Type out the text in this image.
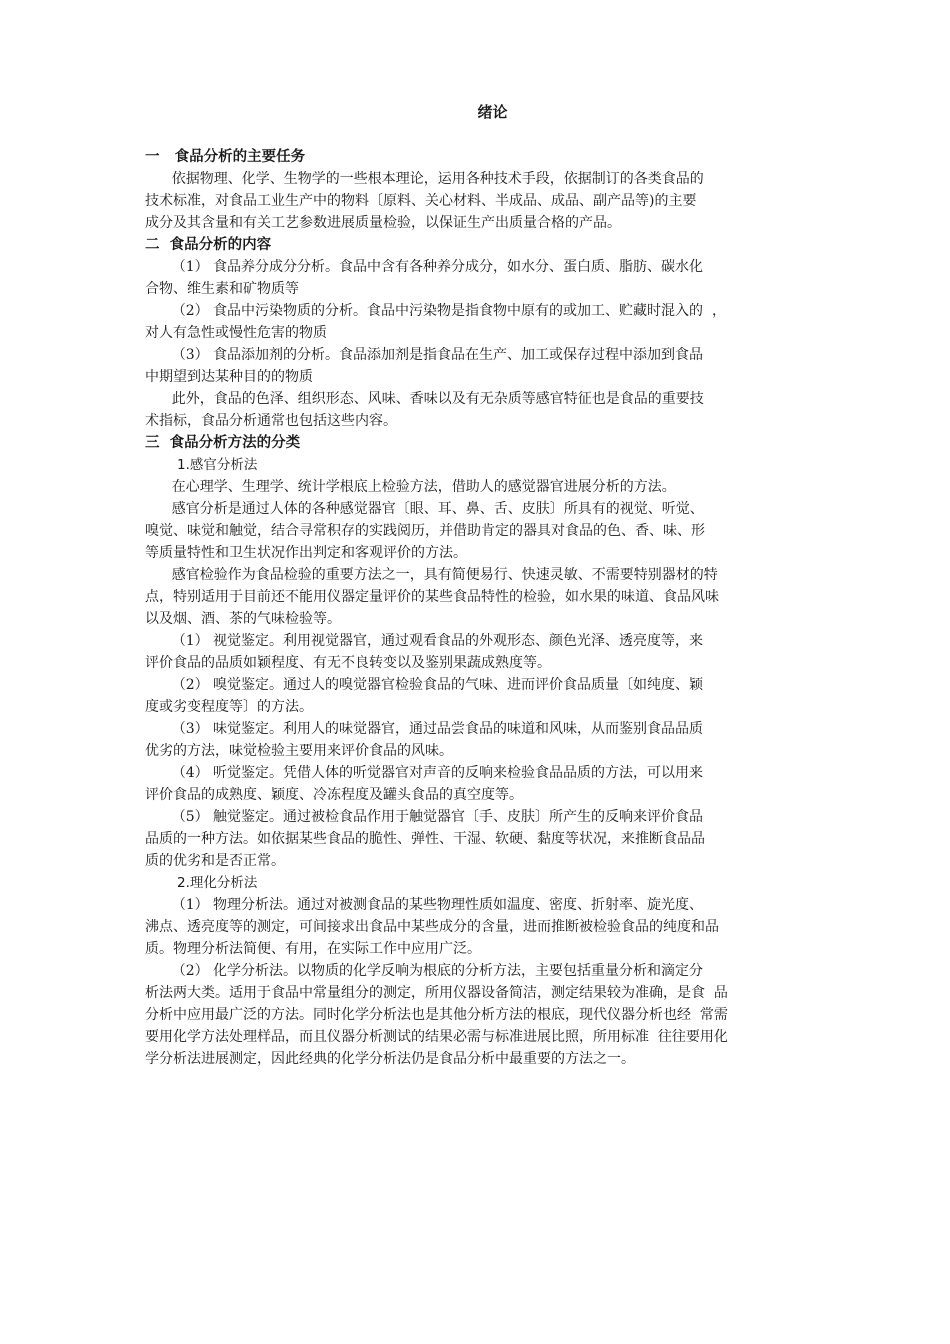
绪论
一   食品分析的主要任务
依据物理、化学、生物学的一些根本理论，运用各种技术手段，依据制订的各类食品的
技术标准，对食品工业生产中的物料〔原料、关心材料、半成品、成品、副产品等)的主要
成分及其含量和有关工艺参数进展质量检验，以保证生产出质量合格的产品。
二  食品分析的内容
（1） 食品养分成分分析。食品中含有各种养分成分，如水分、蛋白质、脂肪、碳水化
合物、维生素和矿物质等
（2） 食品中污染物质的分析。食品中污染物是指食物中原有的或加工、贮藏时混入的  ，
对人有急性或慢性危害的物质
（3） 食品添加剂的分析。食品添加剂是指食品在生产、加工或保存过程中添加到食品
中期望到达某种目的的物质
此外，食品的色泽、组织形态、风味、香味以及有无杂质等感官特征也是食品的重要技
术指标，食品分析通常也包括这些内容。
三  食品分析方法的分类
1.感官分析法
在心理学、生理学、统计学根底上检验方法，借助人的感觉器官进展分析的方法。
感官分析是通过人体的各种感觉器官〔眼、耳、鼻、舌、皮肤〕所具有的视觉、听觉、
嗅觉、味觉和触觉，结合寻常积存的实践阅历，并借助肯定的器具对食品的色、香、味、形
等质量特性和卫生状况作出判定和客观评价的方法。
感官检验作为食品检验的重要方法之一，具有简便易行、快速灵敏、不需要特别器材的特
点，特别适用于目前还不能用仪器定量评价的某些食品特性的检验，如水果的味道、食品风味
以及烟、酒、茶的气味检验等。
（1） 视觉鉴定。利用视觉器官，通过观看食品的外观形态、颜色光泽、透亮度等，来
评价食品的品质如颖程度、有无不良转变以及鉴别果蔬成熟度等。
（2） 嗅觉鉴定。通过人的嗅觉器官检验食品的气味、进而评价食品质量〔如纯度、颖
度或劣变程度等〕的方法。
（3） 味觉鉴定。利用人的味觉器官，通过品尝食品的味道和风味，从而鉴别食品品质
优劣的方法，味觉检验主要用来评价食品的风味。
（4） 听觉鉴定。凭借人体的听觉器官对声音的反响来检验食品品质的方法，可以用来
评价食品的成熟度、颖度、冷冻程度及罐头食品的真空度等。
（5） 触觉鉴定。通过被检食品作用于触觉器官〔手、皮肤〕所产生的反响来评价食品
品质的一种方法。如依据某些食品的脆性、弹性、干湿、软硬、黏度等状况，来推断食品品
质的优劣和是否正常。
2.理化分析法
（1） 物理分析法。通过对被测食品的某些物理性质如温度、密度、折射率、旋光度、
沸点、透亮度等的测定，可间接求出食品中某些成分的含量，进而推断被检验食品的纯度和品
质。物理分析法简便、有用，在实际工作中应用广泛。
（2） 化学分析法。以物质的化学反响为根底的分析方法，主要包括重量分析和滴定分
析法两大类。适用于食品中常量组分的测定，所用仪器设备简洁，测定结果较为准确，是食  品
分析中应用最广泛的方法。同时化学分析法也是其他分析方法的根底，现代仪器分析也经  常需
要用化学方法处理样品，而且仪器分析测试的结果必需与标准进展比照，所用标准  往往要用化
学分析法进展测定，因此经典的化学分析法仍是食品分析中最重要的方法之一。
